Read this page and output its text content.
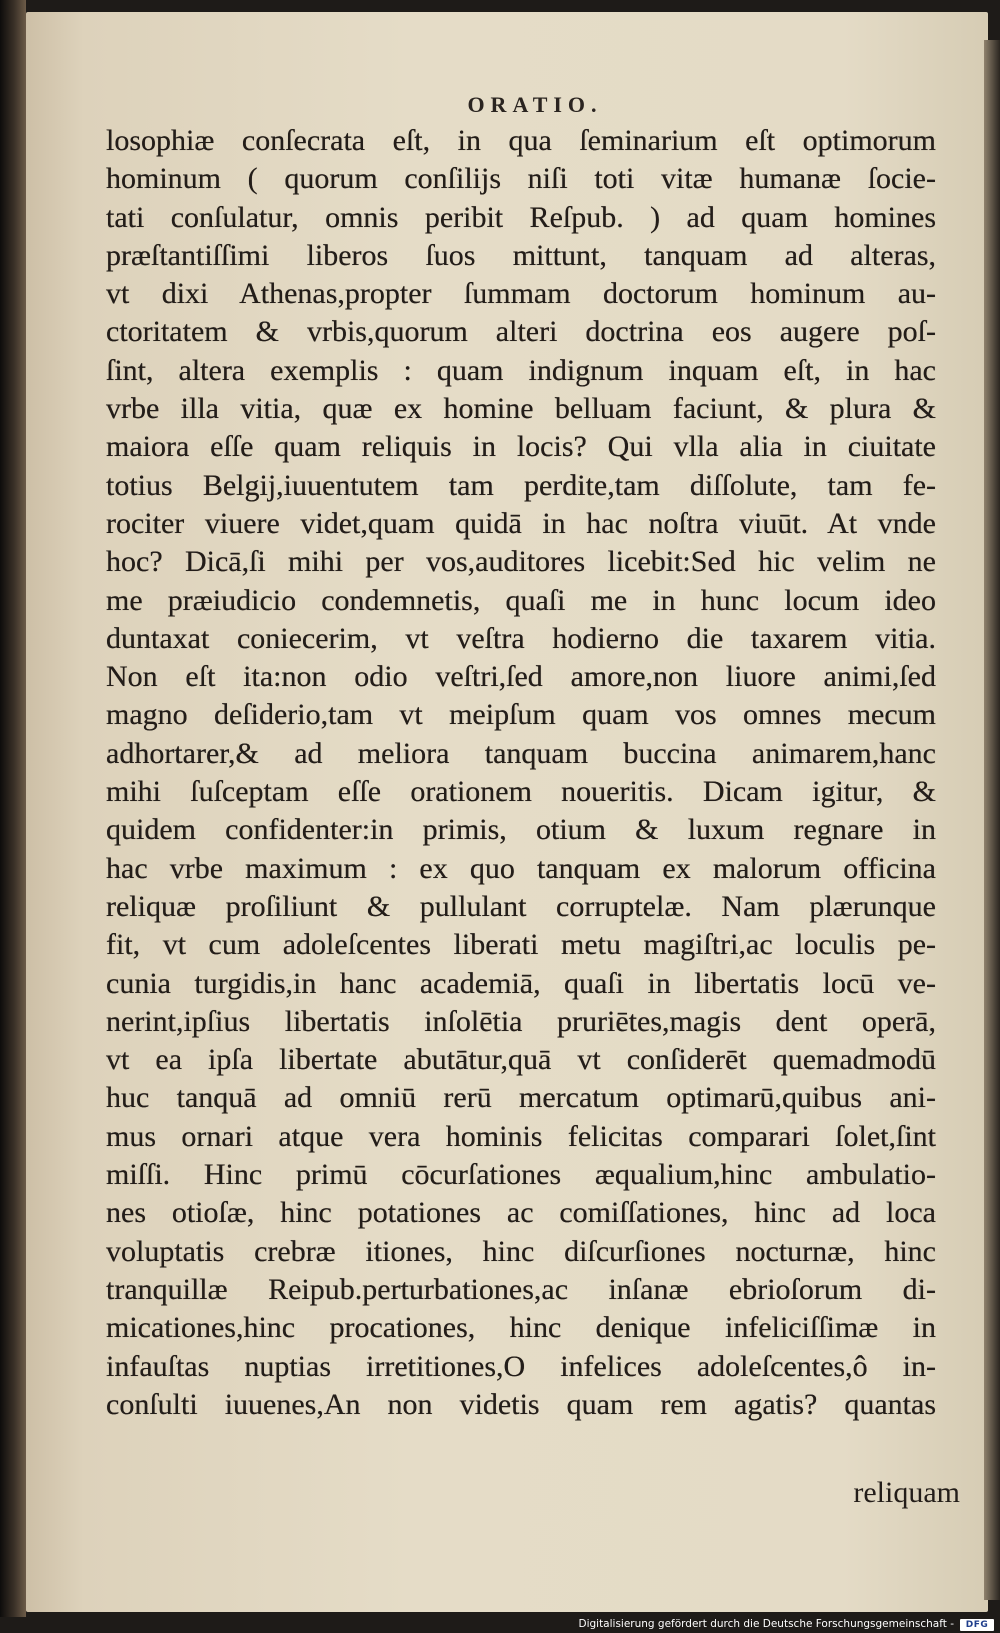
ORATIO.
losophiæ conſecrata eſt, in qua ſeminarium eſt optimorum
hominum ( quorum conſilijs niſi toti vitæ humanæ ſocie-
tati conſulatur, omnis peribit Reſpub. ) ad quam homines
præſtantiſſimi liberos ſuos mittunt, tanquam ad alteras,
vt dixi Athenas,propter ſummam doctorum hominum au-
ctoritatem & vrbis,quorum alteri doctrina eos augere poſ-
ſint, altera exemplis : quam indignum inquam eſt, in hac
vrbe illa vitia, quæ ex homine belluam faciunt, & plura &
maiora eſſe quam reliquis in locis? Qui vlla alia in ciuitate
totius Belgij,iuuentutem tam perdite,tam diſſolute, tam fe-
rociter viuere videt,quam quidā in hac noſtra viuūt. At vnde
hoc? Dicā,ſi mihi per vos,auditores licebit:Sed hic velim ne
me præiudicio condemnetis, quaſi me in hunc locum ideo
duntaxat coniecerim, vt veſtra hodierno die taxarem vitia.
Non eſt ita:non odio veſtri,ſed amore,non liuore animi,ſed
magno deſiderio,tam vt meipſum quam vos omnes mecum
adhortarer,& ad meliora tanquam buccina animarem,hanc
mihi ſuſceptam eſſe orationem noueritis. Dicam igitur, &
quidem confidenter:in primis, otium & luxum regnare in
hac vrbe maximum : ex quo tanquam ex malorum officina
reliquæ proſiliunt & pullulant corruptelæ. Nam plærunque
fit, vt cum adoleſcentes liberati metu magiſtri,ac loculis pe-
cunia turgidis,in hanc academiā, quaſi in libertatis locū ve-
nerint,ipſius libertatis inſolētia pruriētes,magis dent operā,
vt ea ipſa libertate abutātur,quā vt conſiderēt quemadmodū
huc tanquā ad omniū rerū mercatum optimarū,quibus ani-
mus ornari atque vera hominis felicitas comparari ſolet,ſint
miſſi. Hinc primū cōcurſationes æqualium,hinc ambulatio-
nes otioſæ, hinc potationes ac comiſſationes, hinc ad loca
voluptatis crebræ itiones, hinc diſcurſiones nocturnæ, hinc
tranquillæ Reipub.perturbationes,ac inſanæ ebrioſorum di-
micationes,hinc procationes, hinc denique infeliciſſimæ in
infauſtas nuptias irretitiones,O infelices adoleſcentes,ô in-
conſulti iuuenes,An non videtis quam rem agatis? quantas
reliquam
Digitalisierung gefördert durch die Deutsche Forschungsgemeinschaft -	DFG
